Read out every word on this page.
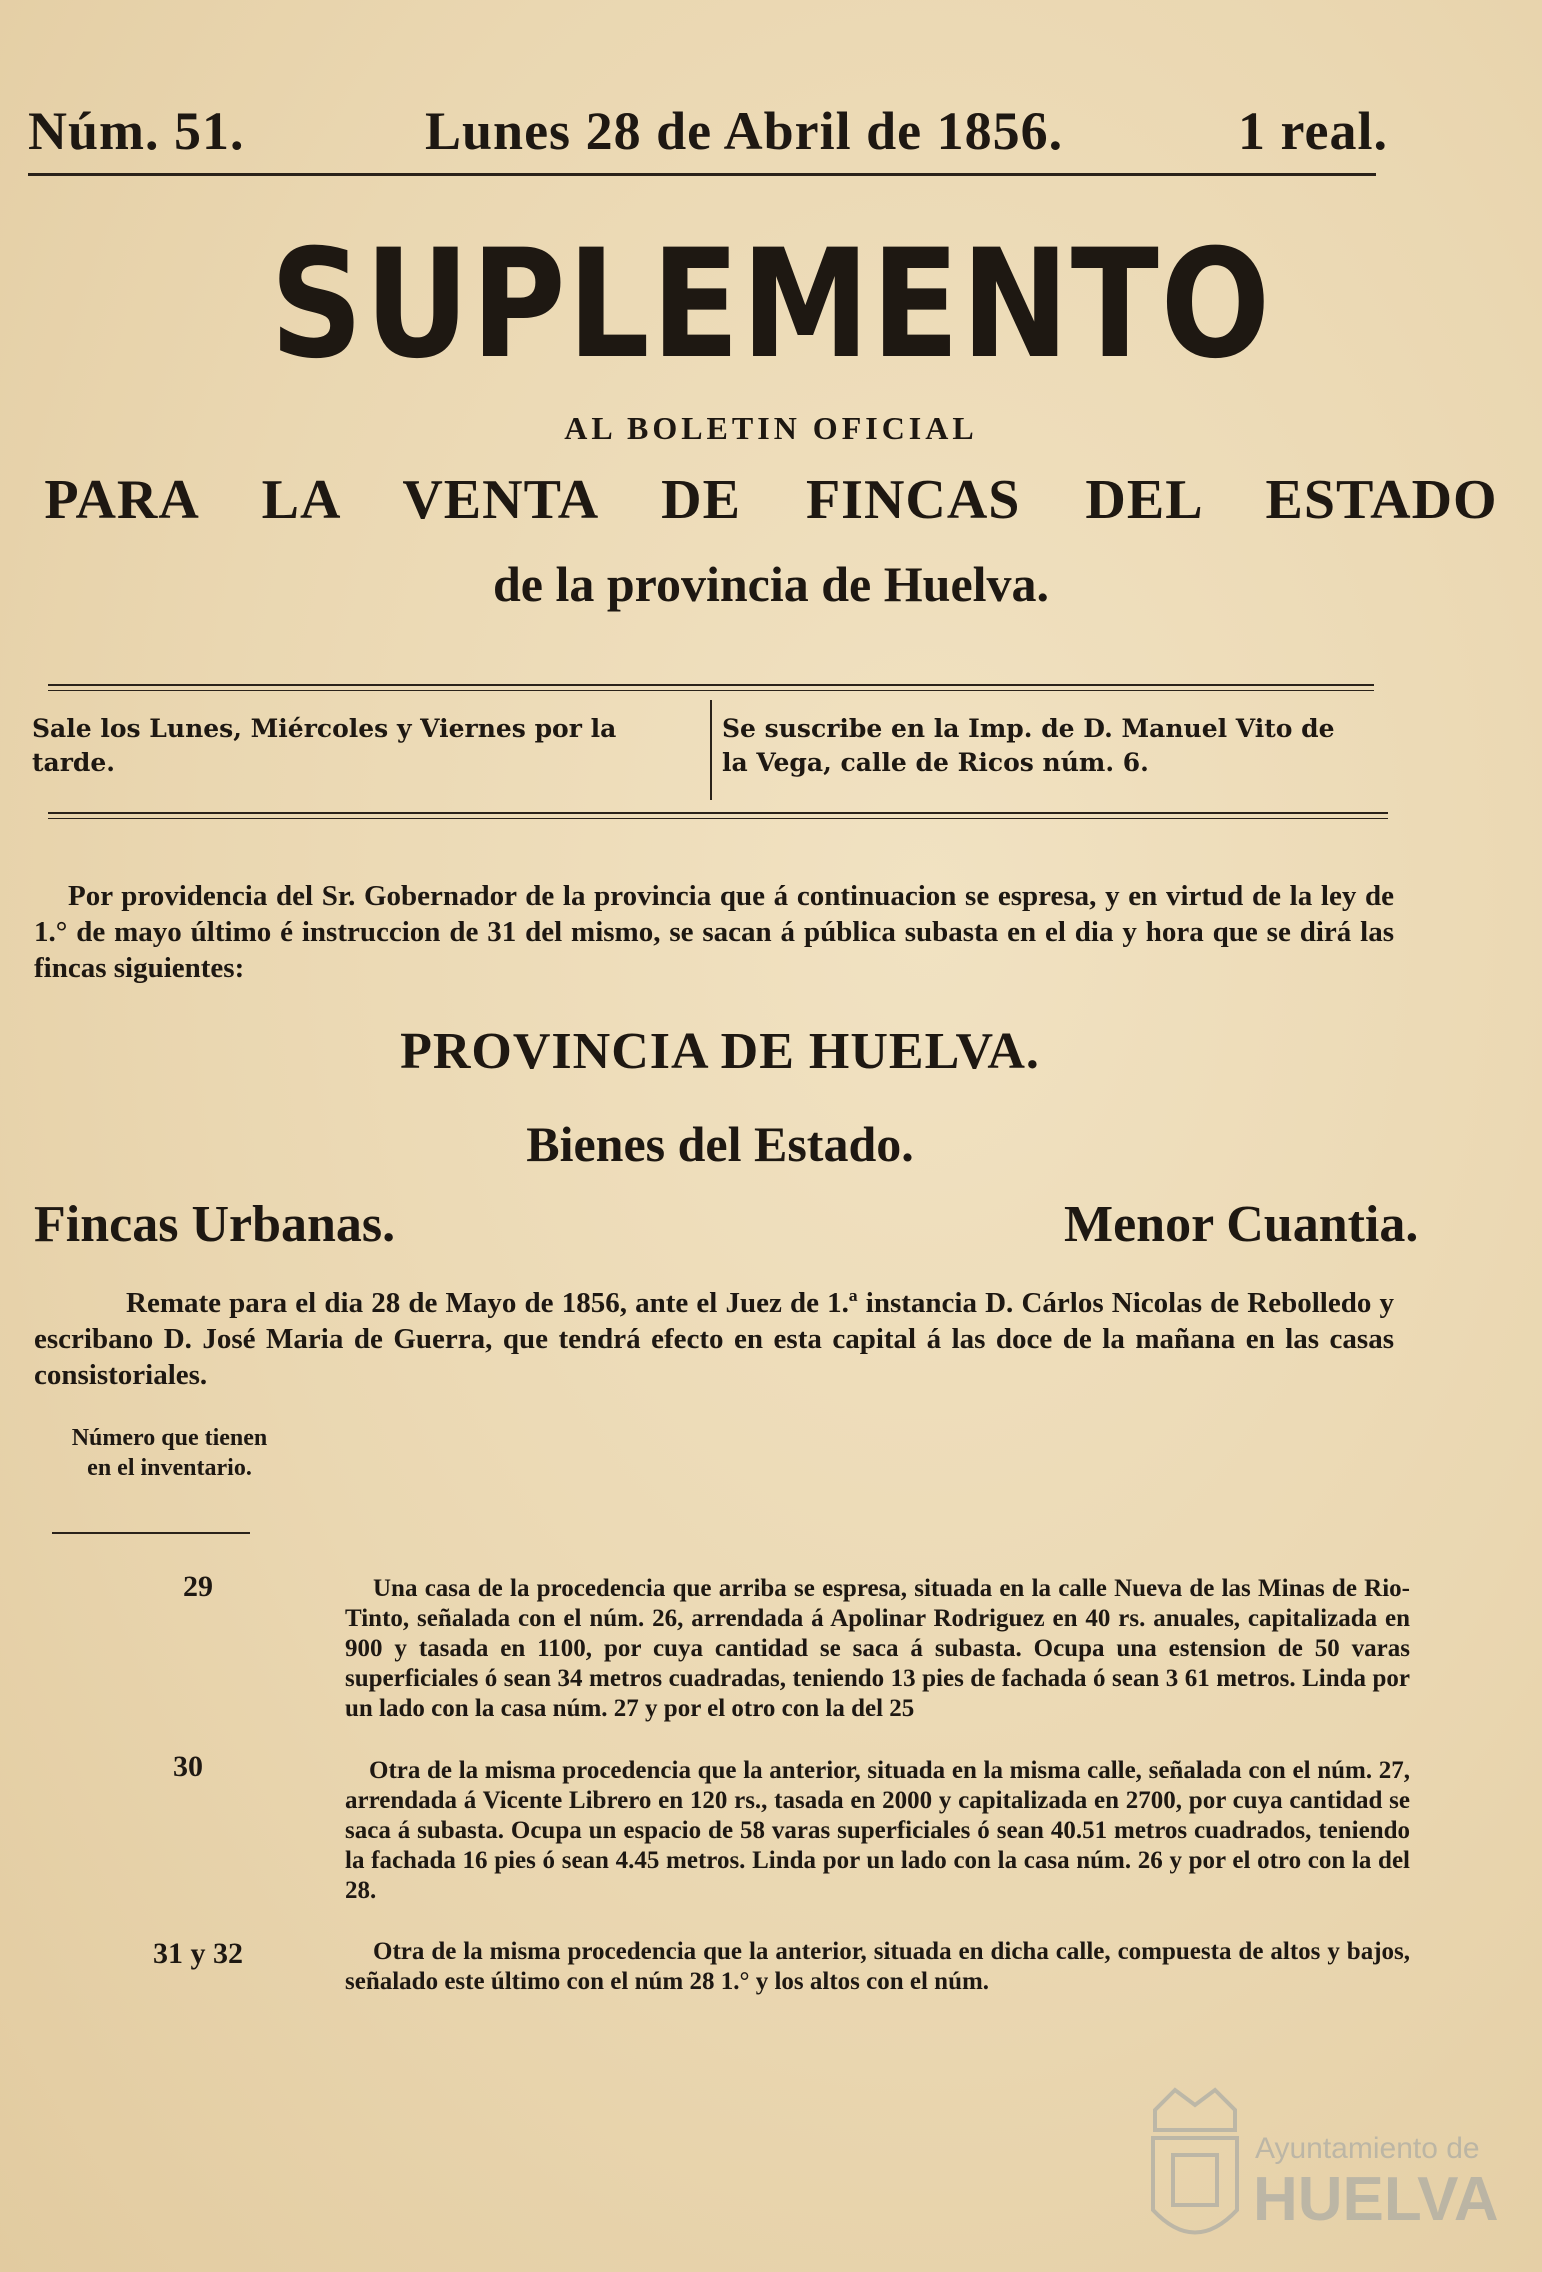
Núm. 51.	Lunes 28 de Abril de 1856.	1 real.
SUPLEMENTO
AL BOLETIN OFICIAL
PARA LA VENTA DE FINCAS DEL ESTADO
de la provincia de Huelva.
Sale los Lunes, Miércoles y Viernes por la tarde.
Se suscribe en la Imp. de D. Manuel Vito de la Vega, calle de Ricos núm. 6.
Por providencia del Sr. Gobernador de la provincia que á continuacion se espresa, y en virtud de la ley de 1.° de mayo último é instruccion de 31 del mismo, se sacan á pública subasta en el dia y hora que se dirá las fincas siguientes:
PROVINCIA DE HUELVA.
Bienes del Estado.
Fincas Urbanas.	Menor Cuantia.
Remate para el dia 28 de Mayo de 1856, ante el Juez de 1.ª instancia D. Cárlos Nicolas de Rebolledo y escribano D. José Maria de Guerra, que tendrá efecto en esta capital á las doce de la mañana en las casas consistoriales.
Número que tienen en el inventario.
29	Una casa de la procedencia que arriba se espresa, situada en la calle Nueva de las Minas de Rio-Tinto, señalada con el núm. 26, arrendada á Apolinar Rodriguez en 40 rs. anuales, capitalizada en 900 y tasada en 1100, por cuya cantidad se saca á subasta. Ocupa una estension de 50 varas superficiales ó sean 34 metros cuadradas, teniendo 13 pies de fachada ó sean 3 61 metros. Linda por un lado con la casa núm. 27 y por el otro con la del 25
30	Otra de la misma procedencia que la anterior, situada en la misma calle, señalada con el núm. 27, arrendada á Vicente Librero en 120 rs., tasada en 2000 y capitalizada en 2700, por cuya cantidad se saca á subasta. Ocupa un espacio de 58 varas superficiales ó sean 40.51 metros cuadrados, teniendo la fachada 16 pies ó sean 4.45 metros. Linda por un lado con la casa núm. 26 y por el otro con la del 28.
31 y 32	Otra de la misma procedencia que la anterior, situada en dicha calle, compuesta de altos y bajos, señalado este último con el núm 28 1.° y los altos con el núm.
Ayuntamiento de
HUELVA
